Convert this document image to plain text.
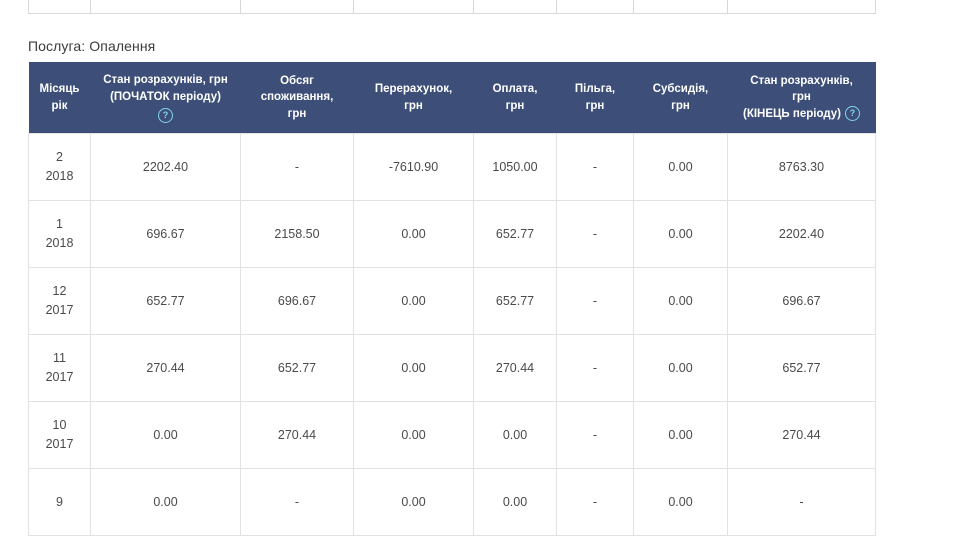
Послуга: Опалення
Місяць
рік	Стан розрахунків, грн
(ПОЧАТОК періоду)
?	Обсяг
споживання,
грн	Перерахунок,
грн	Оплата,
грн	Пільга,
грн	Субсидія,
грн	Стан розрахунків,
грн
(КІНЕЦЬ періоду) ?

2
2018	2202.40	-	-7610.90	1050.00	-	0.00	8763.30

1
2018	696.67	2158.50	0.00	652.77	-	0.00	2202.40

12
2017	652.77	696.67	0.00	652.77	-	0.00	696.67

11
2017	270.44	652.77	0.00	270.44	-	0.00	652.77

10
2017	0.00	270.44	0.00	0.00	-	0.00	270.44

9	0.00	-	0.00	0.00	-	0.00	-
